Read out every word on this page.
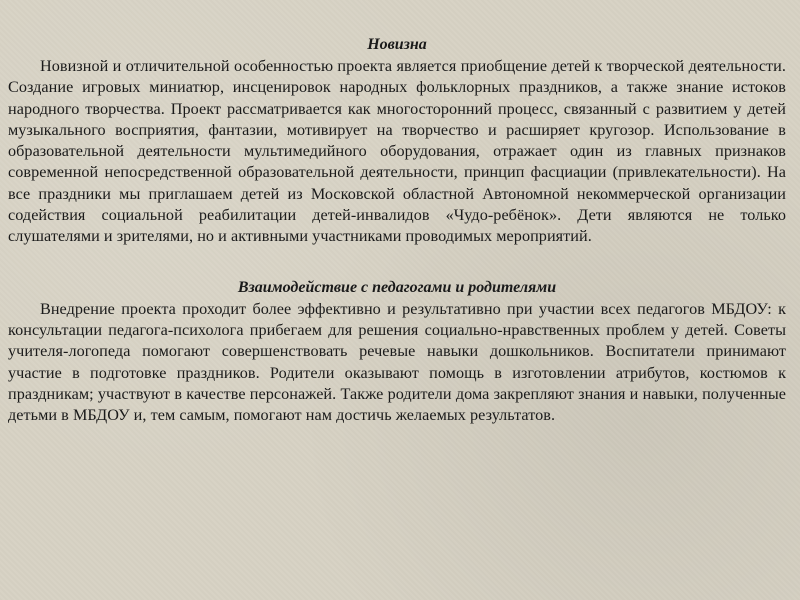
Новизна

Новизной и отличительной особенностью проекта является приобщение детей к творческой деятельности. Создание игровых миниатюр, инсценировок народных фольклорных праздников, а также знание истоков народного творчества. Проект рассматривается как многосторонний процесс, связанный с развитием у детей музыкального восприятия, фантазии, мотивирует на творчество и расширяет кругозор. Использование в образовательной деятельности мультимедийного оборудования, отражает один из главных признаков современной непосредственной образовательной деятельности, принцип фасциации (привлекательности). На все праздники мы приглашаем детей из Московской областной Автономной некоммерческой организации содействия социальной реабилитации детей-инвалидов «Чудо-ребёнок». Дети являются не только слушателями и зрителями, но и активными участниками проводимых мероприятий.

Взаимодействие с педагогами и родителями

Внедрение проекта проходит более эффективно и результативно при участии всех педагогов МБДОУ: к консультации педагога-психолога прибегаем для решения социально-нравственных проблем у детей. Советы учителя-логопеда помогают совершенствовать речевые навыки дошкольников. Воспитатели принимают участие в подготовке праздников. Родители оказывают помощь в изготовлении атрибутов, костюмов к праздникам; участвуют в качестве персонажей. Также родители дома закрепляют знания и навыки, полученные детьми в МБДОУ и, тем самым, помогают нам достичь желаемых результатов.
